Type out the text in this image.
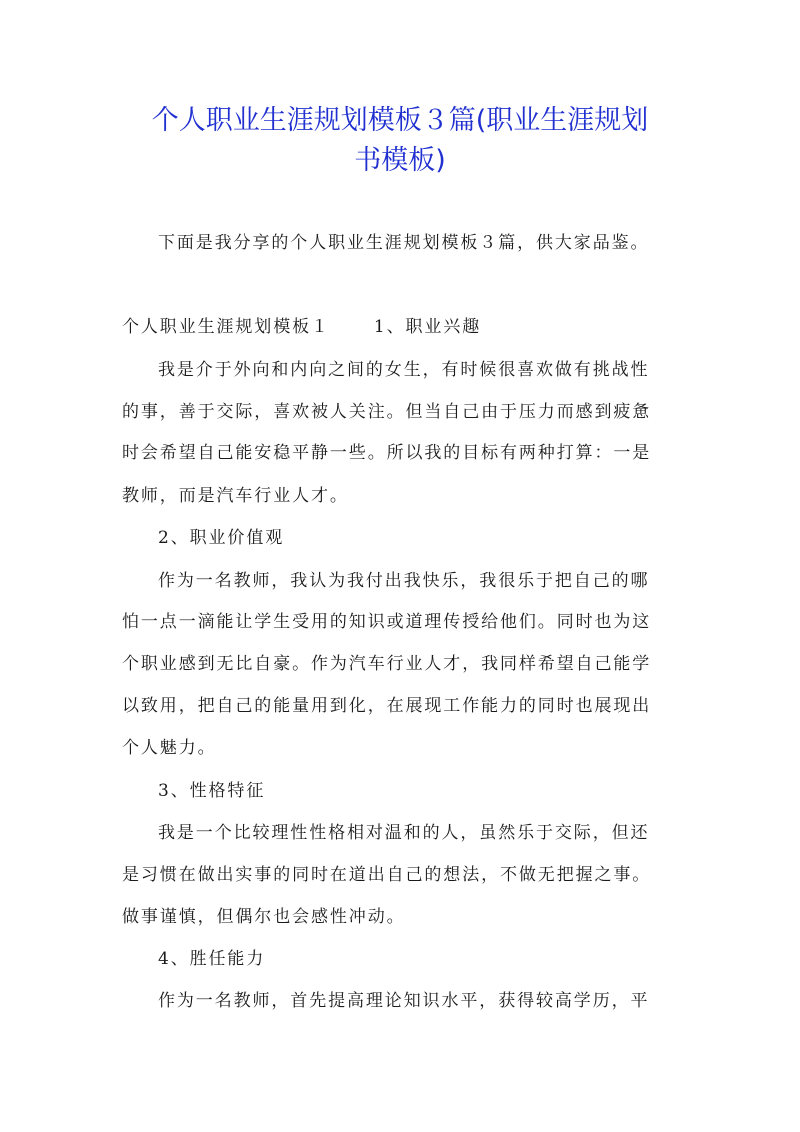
个人职业生涯规划模板３篇(职业生涯规划
书模板)
下面是我分享的个人职业生涯规划模板３篇，供大家品鉴。
个人职业生涯规划模板１	1、职业兴趣
我是介于外向和内向之间的女生，有时候很喜欢做有挑战性
的事，善于交际，喜欢被人关注。但当自己由于压力而感到疲惫
时会希望自己能安稳平静一些。所以我的目标有两种打算：一是
教师，而是汽车行业人才。
2、职业价值观
作为一名教师，我认为我付出我快乐，我很乐于把自己的哪
怕一点一滴能让学生受用的知识或道理传授给他们。同时也为这
个职业感到无比自豪。作为汽车行业人才，我同样希望自己能学
以致用，把自己的能量用到化，在展现工作能力的同时也展现出
个人魅力。
3、性格特征
我是一个比较理性性格相对温和的人，虽然乐于交际，但还
是习惯在做出实事的同时在道出自己的想法，不做无把握之事。
做事谨慎，但偶尔也会感性冲动。
4、胜任能力
作为一名教师，首先提高理论知识水平，获得较高学历，平
